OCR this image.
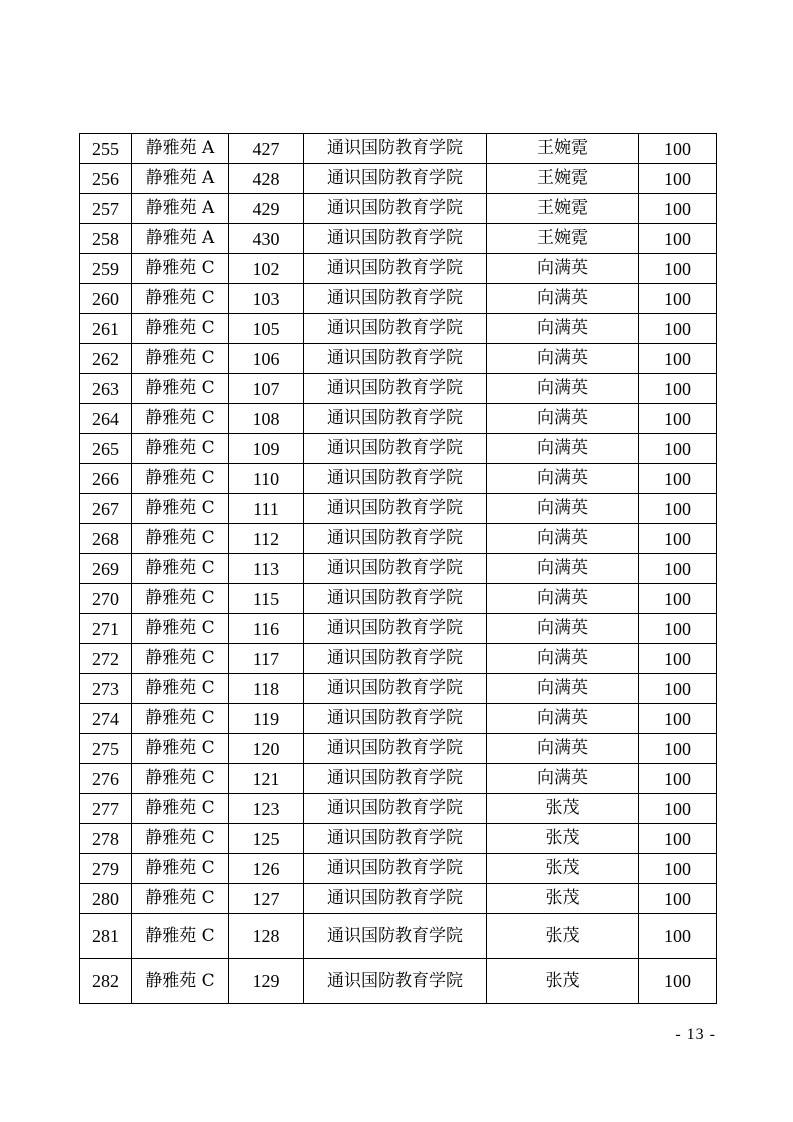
255	静雅苑 A	427	通识国防教育学院	王婉霓	100
256	静雅苑 A	428	通识国防教育学院	王婉霓	100
257	静雅苑 A	429	通识国防教育学院	王婉霓	100
258	静雅苑 A	430	通识国防教育学院	王婉霓	100
259	静雅苑 C	102	通识国防教育学院	向满英	100
260	静雅苑 C	103	通识国防教育学院	向满英	100
261	静雅苑 C	105	通识国防教育学院	向满英	100
262	静雅苑 C	106	通识国防教育学院	向满英	100
263	静雅苑 C	107	通识国防教育学院	向满英	100
264	静雅苑 C	108	通识国防教育学院	向满英	100
265	静雅苑 C	109	通识国防教育学院	向满英	100
266	静雅苑 C	110	通识国防教育学院	向满英	100
267	静雅苑 C	111	通识国防教育学院	向满英	100
268	静雅苑 C	112	通识国防教育学院	向满英	100
269	静雅苑 C	113	通识国防教育学院	向满英	100
270	静雅苑 C	115	通识国防教育学院	向满英	100
271	静雅苑 C	116	通识国防教育学院	向满英	100
272	静雅苑 C	117	通识国防教育学院	向满英	100
273	静雅苑 C	118	通识国防教育学院	向满英	100
274	静雅苑 C	119	通识国防教育学院	向满英	100
275	静雅苑 C	120	通识国防教育学院	向满英	100
276	静雅苑 C	121	通识国防教育学院	向满英	100
277	静雅苑 C	123	通识国防教育学院	张茂	100
278	静雅苑 C	125	通识国防教育学院	张茂	100
279	静雅苑 C	126	通识国防教育学院	张茂	100
280	静雅苑 C	127	通识国防教育学院	张茂	100
281	静雅苑 C	128	通识国防教育学院	张茂	100
282	静雅苑 C	129	通识国防教育学院	张茂	100
- 13 -
